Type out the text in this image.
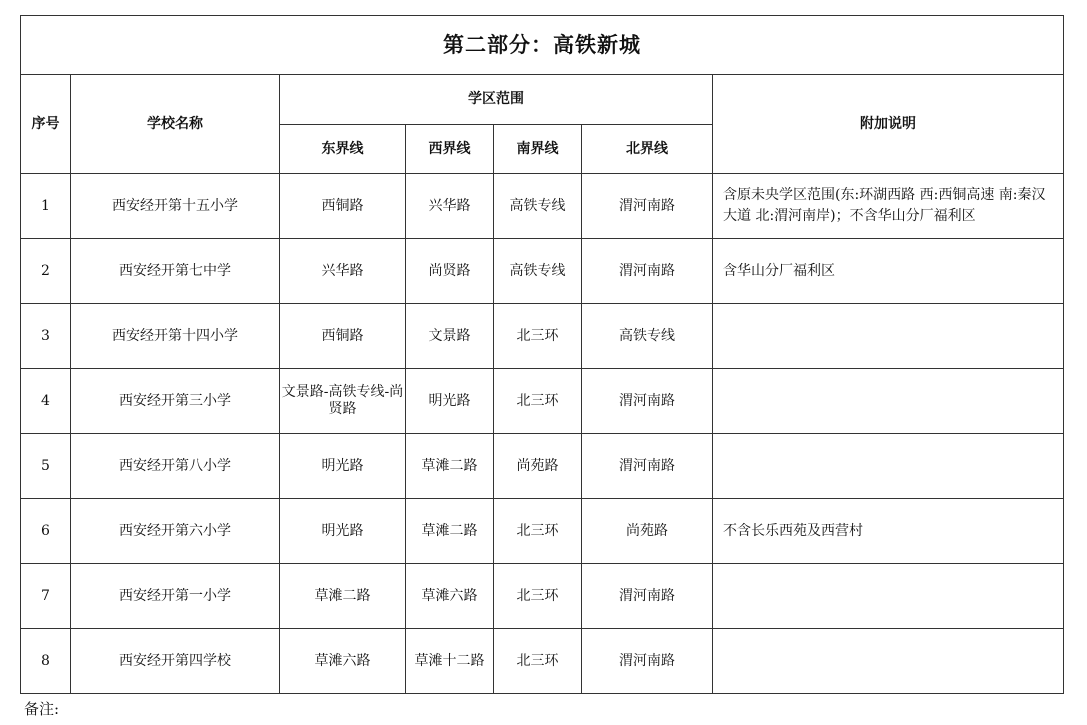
第二部分：高铁新城						
序号	学校名称	学区范围				附加说明
		东界线	西界线	南界线	北界线	
1	西安经开第十五小学	西铜路	兴华路	高铁专线	渭河南路	含原未央学区范围(东:环湖西路 西:西铜高速 南:秦汉大道 北:渭河南岸)；不含华山分厂福利区
2	西安经开第七中学	兴华路	尚贤路	高铁专线	渭河南路	含华山分厂福利区
3	西安经开第十四小学	西铜路	文景路	北三环	高铁专线	
4	西安经开第三小学	文景路-高铁专线-尚贤路	明光路	北三环	渭河南路	
5	西安经开第八小学	明光路	草滩二路	尚苑路	渭河南路	
6	西安经开第六小学	明光路	草滩二路	北三环	尚苑路	不含长乐西苑及西营村
7	西安经开第一小学	草滩二路	草滩六路	北三环	渭河南路	
8	西安经开第四学校	草滩六路	草滩十二路	北三环	渭河南路	
备注:
